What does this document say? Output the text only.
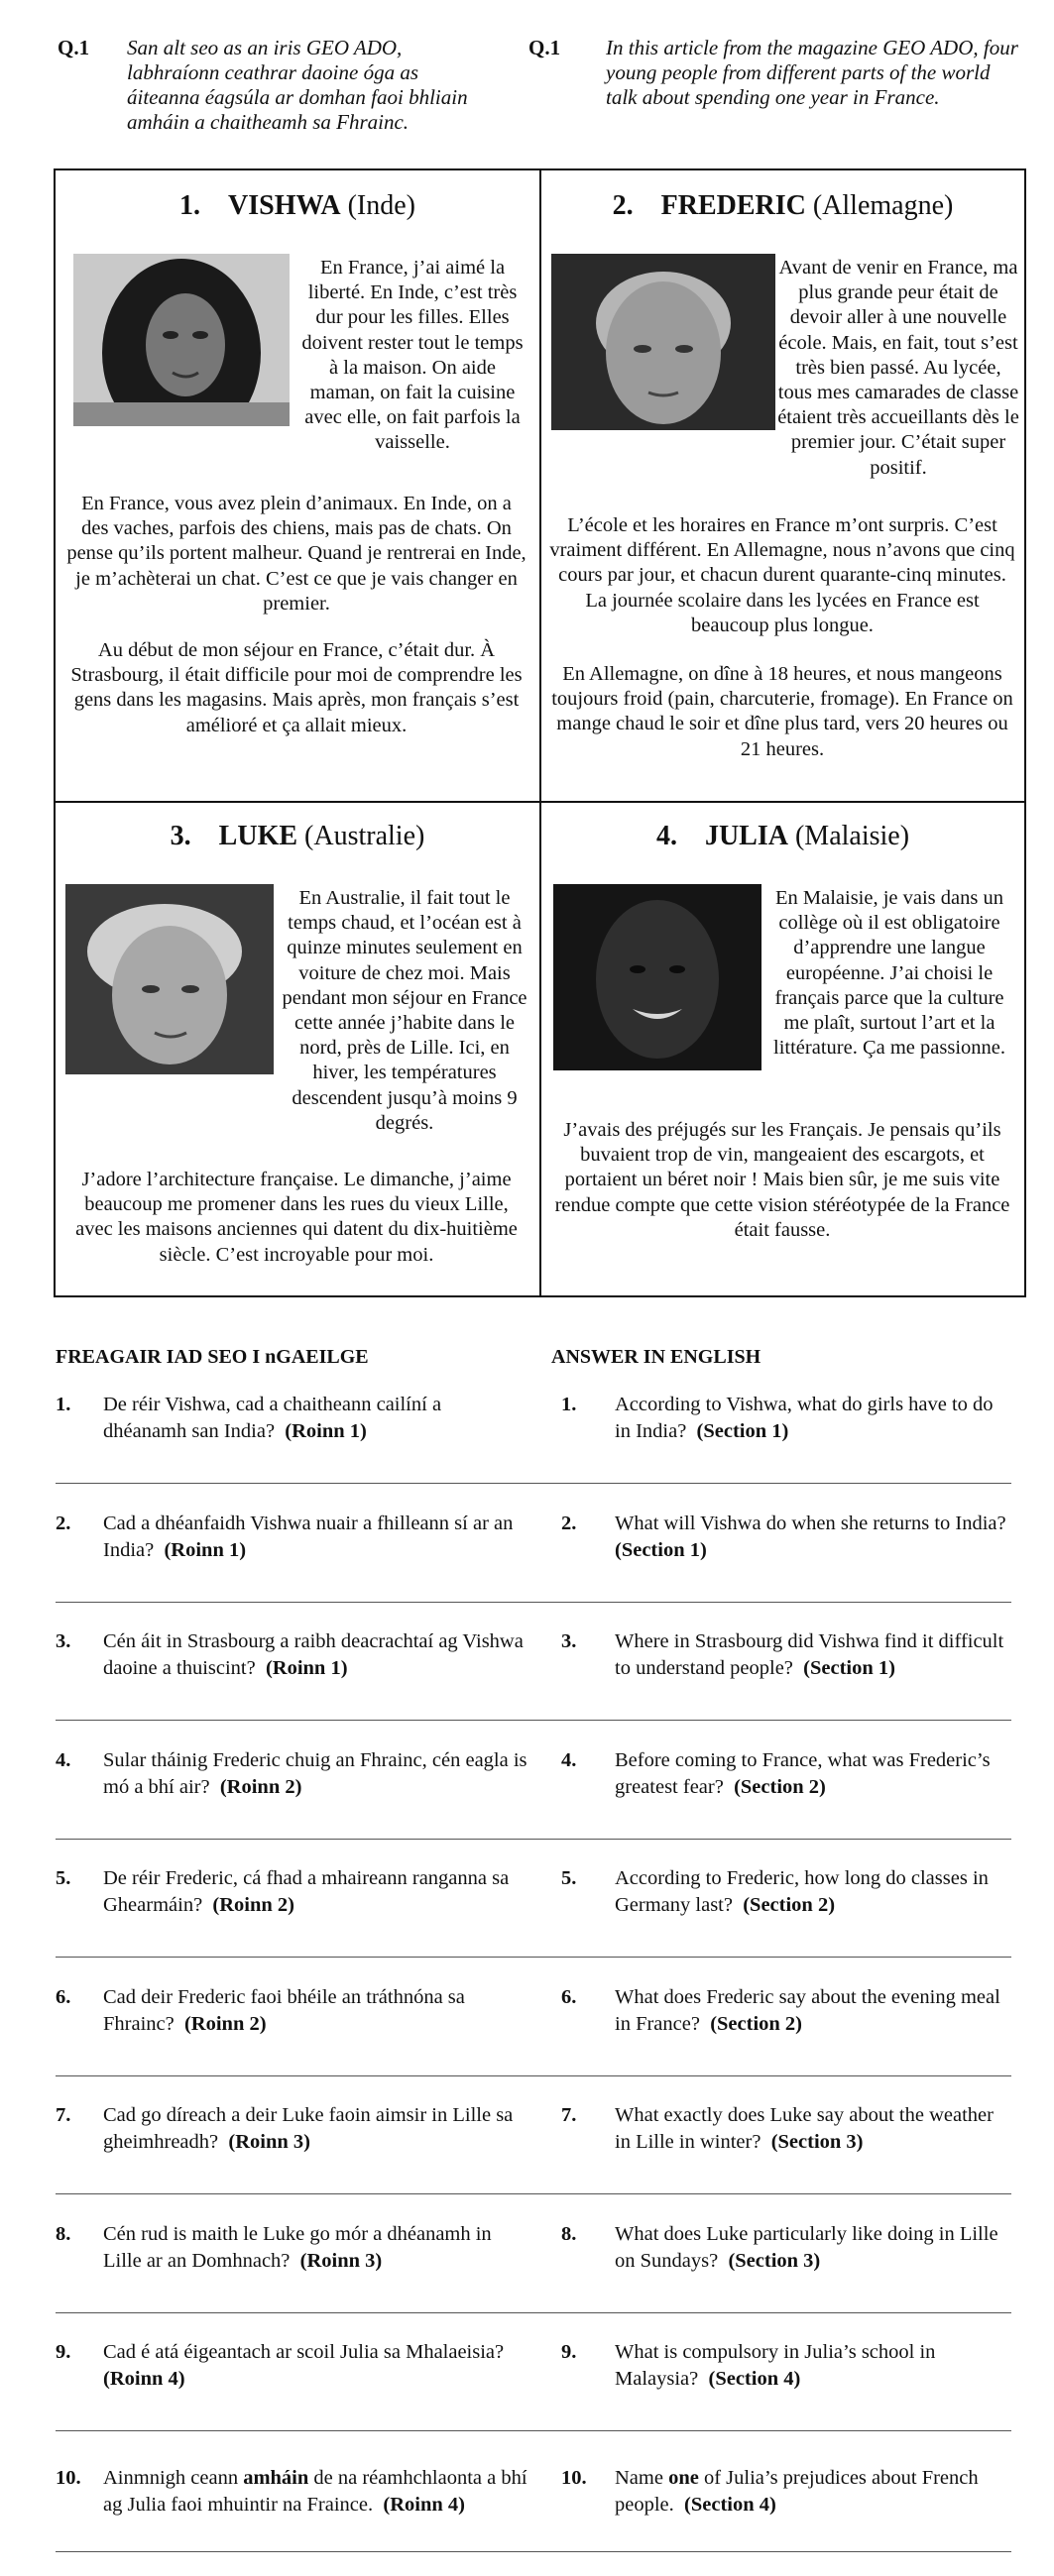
Q.1 San alt seo as an iris GEO ADO, labhraíonn ceathrar daoine óga as áiteanna éagsúla ar domhan faoi bhliain amháin a chaitheamh sa Fhrainc.
Q.1 In this article from the magazine GEO ADO, four young people from different parts of the world talk about spending one year in France.
1. VISHWA (Inde)
En France, j’ai aimé la liberté. En Inde, c’est très dur pour les filles. Elles doivent rester tout le temps à la maison. On aide maman, on fait la cuisine avec elle, on fait parfois la vaisselle.
En France, vous avez plein d’animaux. En Inde, on a des vaches, parfois des chiens, mais pas de chats. On pense qu’ils portent malheur. Quand je rentrerai en Inde, je m’achèterai un chat. C’est ce que je vais changer en premier.
Au début de mon séjour en France, c’était dur. À Strasbourg, il était difficile pour moi de comprendre les gens dans les magasins. Mais après, mon français s’est amélioré et ça allait mieux.
2. FREDERIC (Allemagne)
Avant de venir en France, ma plus grande peur était de devoir aller à une nouvelle école. Mais, en fait, tout s’est très bien passé. Au lycée, tous mes camarades de classe étaient très accueillants dès le premier jour. C’était super positif.
L’école et les horaires en France m’ont surpris. C’est vraiment différent. En Allemagne, nous n’avons que cinq cours par jour, et chacun durent quarante-cinq minutes. La journée scolaire dans les lycées en France est beaucoup plus longue.
En Allemagne, on dîne à 18 heures, et nous mangeons toujours froid (pain, charcuterie, fromage). En France on mange chaud le soir et dîne plus tard, vers 20 heures ou 21 heures.
3. LUKE (Australie)
En Australie, il fait tout le temps chaud, et l’océan est à quinze minutes seulement en voiture de chez moi. Mais pendant mon séjour en France cette année j’habite dans le nord, près de Lille. Ici, en hiver, les températures descendent jusqu’à moins 9 degrés.
J’adore l’architecture française. Le dimanche, j’aime beaucoup me promener dans les rues du vieux Lille, avec les maisons anciennes qui datent du dix-huitième siècle. C’est incroyable pour moi.
4. JULIA (Malaisie)
En Malaisie, je vais dans un collège où il est obligatoire d’apprendre une langue européenne. J’ai choisi le français parce que la culture me plaît, surtout l’art et la littérature. Ça me passionne.
J’avais des préjugés sur les Français. Je pensais qu’ils buvaient trop de vin, mangeaient des escargots, et portaient un béret noir ! Mais bien sûr, je me suis vite rendue compte que cette vision stéréotypée de la France était fausse.
FREAGAIR IAD SEO I nGAEILGE	ANSWER IN ENGLISH
1. De réir Vishwa, cad a chaitheann cailíní a dhéanamh san India? (Roinn 1)
1. According to Vishwa, what do girls have to do in India? (Section 1)
2. Cad a dhéanfaidh Vishwa nuair a fhilleann sí ar an India? (Roinn 1)
2. What will Vishwa do when she returns to India?  (Section 1)
3. Cén áit in Strasbourg a raibh deacrachtaí ag Vishwa daoine a thuiscint? (Roinn 1)
3. Where in Strasbourg did Vishwa find it difficult to understand people? (Section 1)
4. Sular tháinig Frederic chuig an Fhrainc, cén eagla is mó a bhí air? (Roinn 2)
4. Before coming to France, what was Frederic’s greatest fear? (Section 2)
5. De réir Frederic, cá fhad a mhaireann ranganna sa Ghearmáin? (Roinn 2)
5. According to Frederic, how long do classes in Germany last? (Section 2)
6. Cad deir Frederic faoi bhéile an tráthnóna sa Fhrainc? (Roinn 2)
6. What does Frederic say about the evening meal in France? (Section 2)
7. Cad go díreach a deir Luke faoin aimsir in Lille sa gheimhreadh? (Roinn 3)
7. What exactly does Luke say about the weather in Lille in winter? (Section 3)
8. Cén rud is maith le Luke go mór a dhéanamh in Lille ar an Domhnach? (Roinn 3)
8. What does Luke particularly like doing in Lille on Sundays? (Section 3)
9. Cad é atá éigeantach ar scoil Julia sa Mhalaeisia?  (Roinn 4)
9. What is compulsory in Julia’s school in Malaysia? (Section 4)
10. Ainmnigh ceann amháin de na réamhchlaonta a bhí ag Julia faoi mhuintir na Fraince. (Roinn 4)
10. Name one of Julia’s prejudices about French people. (Section 4)
